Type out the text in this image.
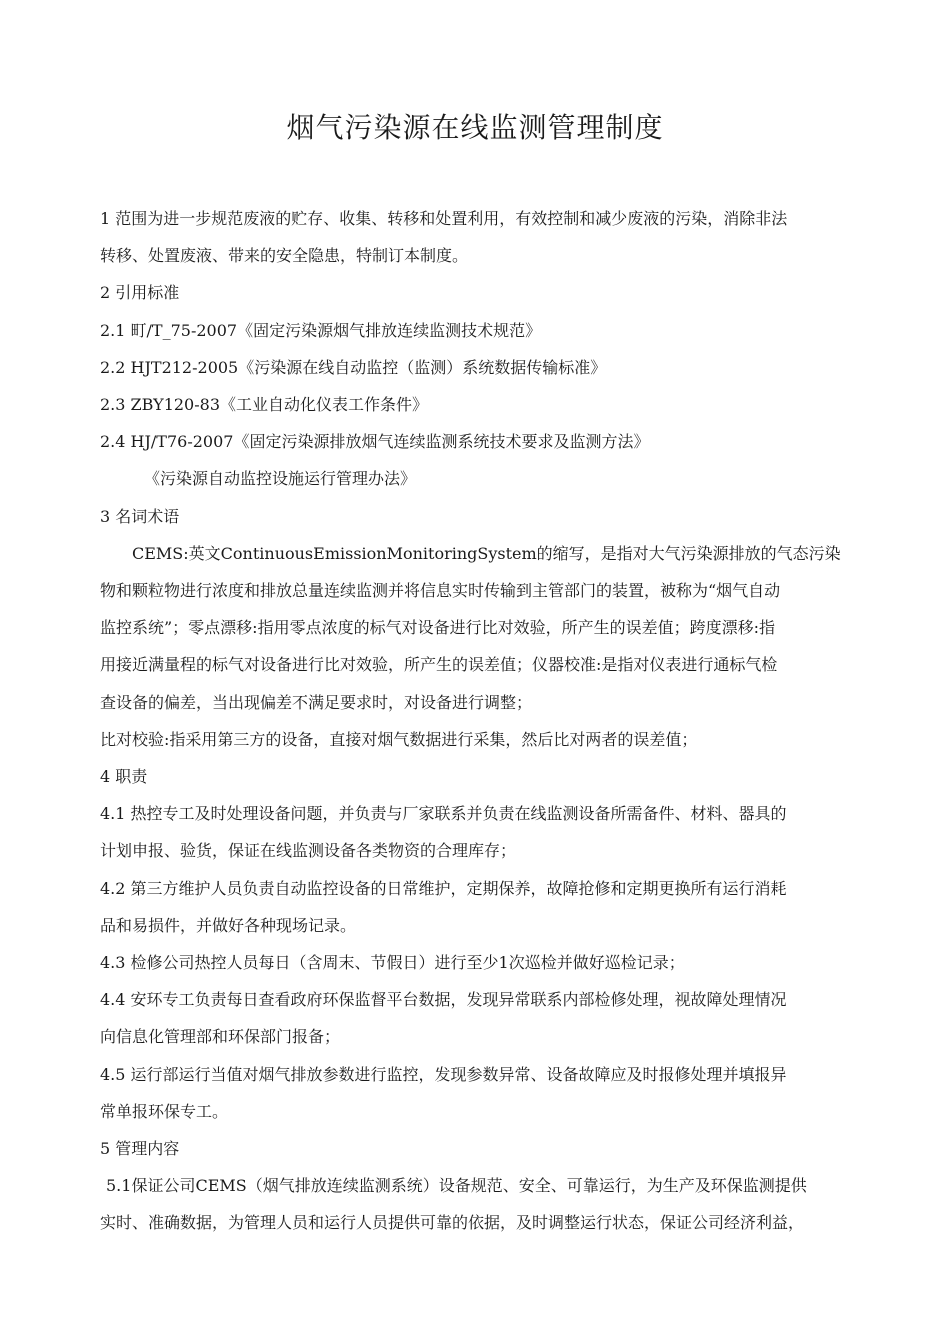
烟气污染源在线监测管理制度

1 范围为进一步规范废液的贮存、收集、转移和处置利用，有效控制和减少废液的污染，消除非法

转移、处置废液、带来的安全隐患，特制订本制度。

2 引用标准

2.1 町/T_75-2007《固定污染源烟气排放连续监测技术规范》

2.2 HJT212-2005《污染源在线自动监控（监测）系统数据传输标准》

2.3 ZBY120-83《工业自动化仪表工作条件》

2.4 HJ/T76-2007《固定污染源排放烟气连续监测系统技术要求及监测方法》

《污染源自动监控设施运行管理办法》

3 名词术语

CEMS:英文ContinuousEmissionMonitoringSystem的缩写，是指对大气污染源排放的气态污染

物和颗粒物进行浓度和排放总量连续监测并将信息实时传输到主管部门的装置，被称为“烟气自动

监控系统”；零点漂移:指用零点浓度的标气对设备进行比对效验，所产生的误差值；跨度漂移:指

用接近满量程的标气对设备进行比对效验，所产生的误差值；仪器校准:是指对仪表进行通标气检

查设备的偏差，当出现偏差不满足要求时，对设备进行调整；

比对校验:指采用第三方的设备，直接对烟气数据进行采集，然后比对两者的误差值；

4 职责

4.1 热控专工及时处理设备问题，并负责与厂家联系并负责在线监测设备所需备件、材料、器具的

计划申报、验货，保证在线监测设备各类物资的合理库存；

4.2 第三方维护人员负责自动监控设备的日常维护，定期保养，故障抢修和定期更换所有运行消耗

品和易损件，并做好各种现场记录。

4.3 检修公司热控人员每日（含周末、节假日）进行至少1次巡检并做好巡检记录；

4.4 安环专工负责每日查看政府环保监督平台数据，发现异常联系内部检修处理，视故障处理情况

向信息化管理部和环保部门报备；

4.5 运行部运行当值对烟气排放参数进行监控，发现参数异常、设备故障应及时报修处理并填报异

常单报环保专工。

5 管理内容

5.1保证公司CEMS（烟气排放连续监测系统）设备规范、安全、可靠运行，为生产及环保监测提供

实时、准确数据，为管理人员和运行人员提供可靠的依据，及时调整运行状态，保证公司经济利益，
